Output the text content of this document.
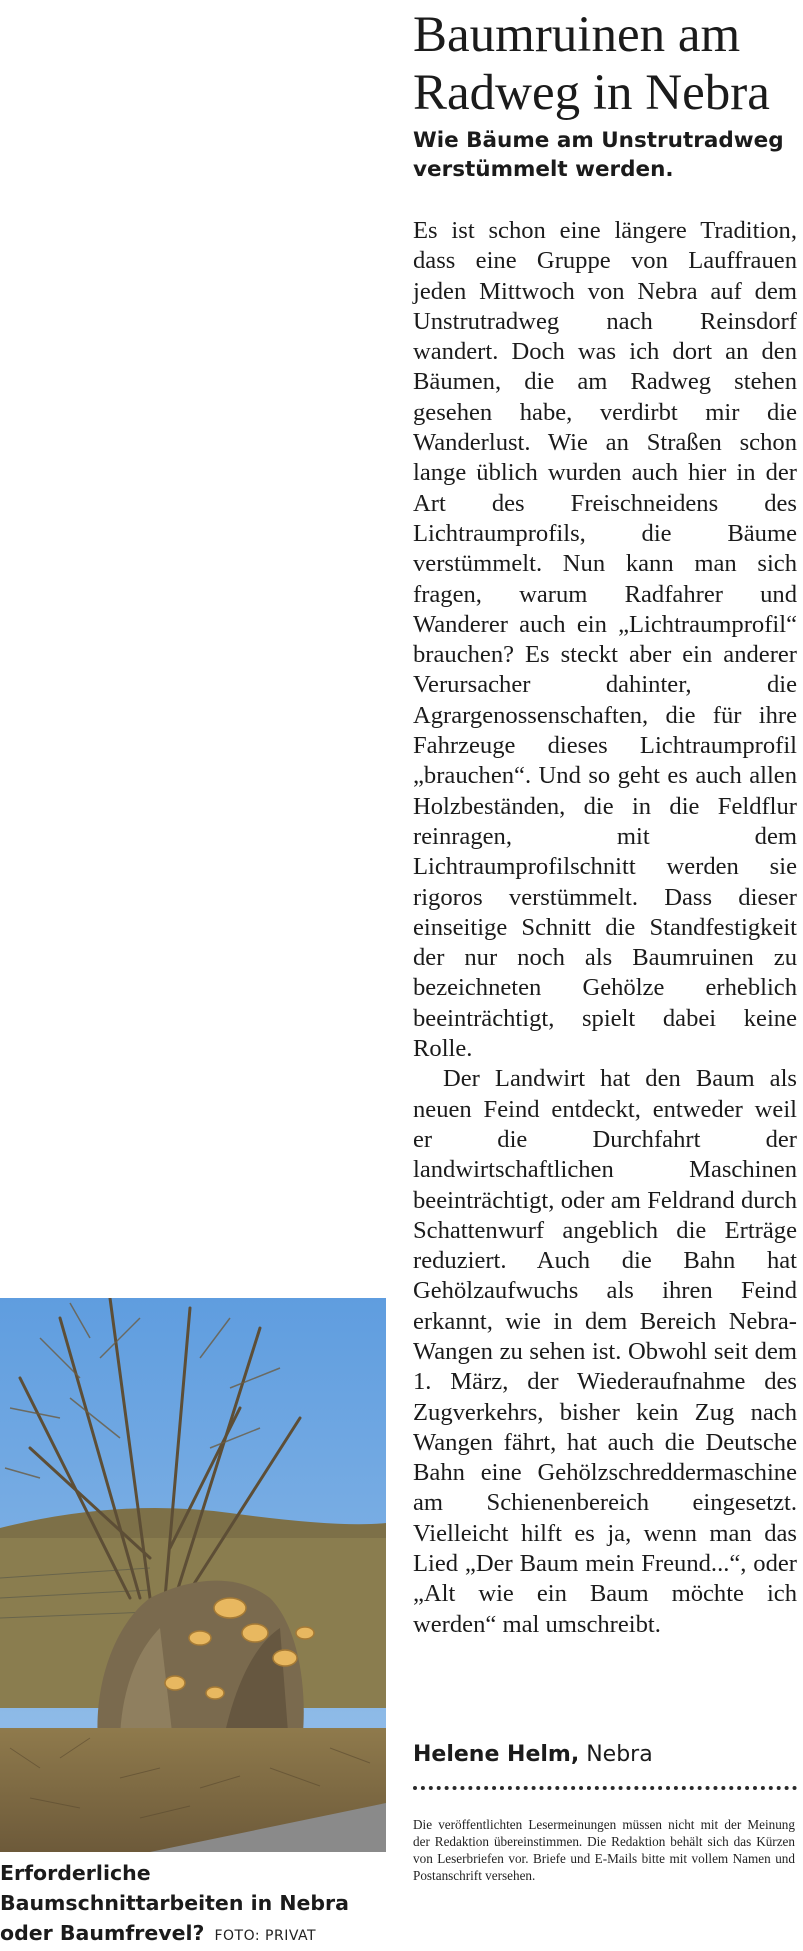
Baumruinen am Radweg in Nebra
Wie Bäume am Unstrutradweg verstümmelt werden.

Es ist schon eine längere Tradition, dass eine Gruppe von Lauffrauen jeden Mittwoch von Nebra auf dem Unstrutradweg nach Reinsdorf wandert. Doch was ich dort an den Bäumen, die am Radweg stehen gesehen habe, verdirbt mir die Wanderlust. Wie an Straßen schon lange üblich wurden auch hier in der Art des Freischneidens des Lichtraumprofils, die Bäume verstümmelt. Nun kann man sich fragen, warum Radfahrer und Wanderer auch ein „Lichtraumprofil“ brauchen? Es steckt aber ein anderer Verursacher dahinter, die Agrargenossenschaften, die für ihre Fahrzeuge dieses Lichtraumprofil „brauchen“. Und so geht es auch allen Holzbeständen, die in die Feldflur reinragen, mit dem Lichtraumprofilschnitt werden sie rigoros verstümmelt. Dass dieser einseitige Schnitt die Standfestigkeit der nur noch als Baumruinen zu bezeichneten Gehölze erheblich beeinträchtigt, spielt dabei keine Rolle.

Der Landwirt hat den Baum als neuen Feind entdeckt, entweder weil er die Durchfahrt der landwirtschaftlichen Maschinen beeinträchtigt, oder am Feldrand durch Schattenwurf angeblich die Erträge reduziert. Auch die Bahn hat Gehölzaufwuchs als ihren Feind erkannt, wie in dem Bereich Nebra-Wangen zu sehen ist. Obwohl seit dem 1. März, der Wiederaufnahme des Zugverkehrs, bisher kein Zug nach Wangen fährt, hat auch die Deutsche Bahn eine Gehölzschreddermaschine am Schienenbereich eingesetzt. Vielleicht hilft es ja, wenn man das Lied „Der Baum mein Freund...“, oder „Alt wie ein Baum möchte ich werden“ mal umschreibt.

Helene Helm, Nebra

Die veröffentlichten Lesermeinungen müssen nicht mit der Meinung der Redaktion übereinstimmen. Die Redaktion behält sich das Kürzen von Leserbriefen vor. Briefe und E-Mails bitte mit vollem Namen und Postanschrift versehen.

Erforderliche Baumschnittarbeiten in Nebra oder Baumfrevel? FOTO: PRIVAT
